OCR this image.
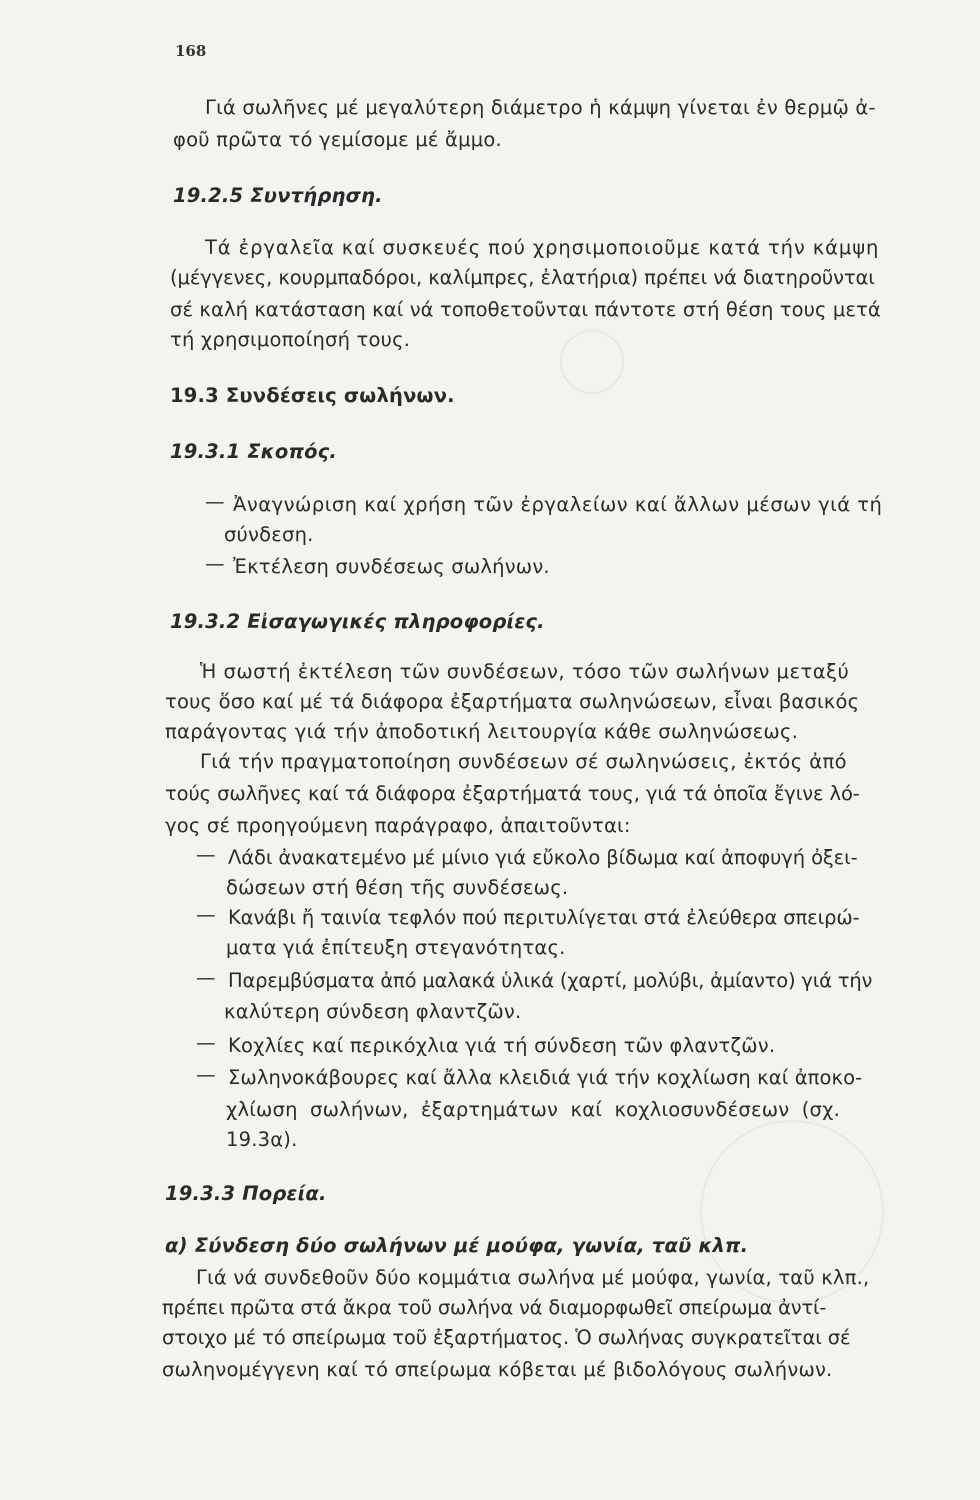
168
Γιά σωλῆνες μέ μεγαλύτερη διάμετρο ἡ κάμψη γίνεται ἐν θερμῷ ἀ-
φοῦ πρῶτα τό γεμίσομε μέ ἄμμο.
19.2.5 Συντήρηση.
Τά ἐργαλεῖα καί συσκευές πού χρησιμοποιοῦμε κατά τήν κάμψη
(μέγγενες, κουρμπαδόροι, καλίμπρες, ἐλατήρια) πρέπει νά διατηροῦνται
σέ καλή κατάσταση καί νά τοποθετοῦνται πάντοτε στή θέση τους μετά
τή χρησιμοποίησή τους.
19.3 Συνδέσεις σωλήνων.
19.3.1 Σκοπός.
— Ἀναγνώριση καί χρήση τῶν ἐργαλείων καί ἄλλων μέσων γιά τή
σύνδεση.
— Ἐκτέλεση συνδέσεως σωλήνων.
19.3.2 Εἰσαγωγικές πληροφορίες.
Ἡ σωστή ἐκτέλεση τῶν συνδέσεων, τόσο τῶν σωλήνων μεταξύ
τους ὅσο καί μέ τά διάφορα ἐξαρτήματα σωληνώσεων, εἶναι βασικός
παράγοντας γιά τήν ἀποδοτική λειτουργία κάθε σωληνώσεως.
Γιά τήν πραγματοποίηση συνδέσεων σέ σωληνώσεις, ἐκτός ἀπό
τούς σωλῆνες καί τά διάφορα ἐξαρτήματά τους, γιά τά ὁποῖα ἔγινε λό-
γος σέ προηγούμενη παράγραφο, ἀπαιτοῦνται:
— Λάδι ἀνακατεμένο μέ μίνιο γιά εὔκολο βίδωμα καί ἀποφυγή ὀξει-
δώσεων στή θέση τῆς συνδέσεως.
— Κανάβι ἤ ταινία τεφλόν πού περιτυλίγεται στά ἐλεύθερα σπειρώ-
ματα γιά ἐπίτευξη στεγανότητας.
— Παρεμβύσματα ἀπό μαλακά ὑλικά (χαρτί, μολύβι, ἀμίαντο) γιά τήν
καλύτερη σύνδεση φλαντζῶν.
— Κοχλίες καί περικόχλια γιά τή σύνδεση τῶν φλαντζῶν.
— Σωληνοκάβουρες καί ἄλλα κλειδιά γιά τήν κοχλίωση καί ἀποκο-
χλίωση σωλήνων, ἐξαρτημάτων καί κοχλιοσυνδέσεων (σχ.
19.3α).
19.3.3 Πορεία.
α) Σύνδεση δύο σωλήνων μέ μούφα, γωνία, ταῦ κλπ.
Γιά νά συνδεθοῦν δύο κομμάτια σωλήνα μέ μούφα, γωνία, ταῦ κλπ.,
πρέπει πρῶτα στά ἄκρα τοῦ σωλήνα νά διαμορφωθεῖ σπείρωμα ἀντί-
στοιχο μέ τό σπείρωμα τοῦ ἐξαρτήματος. Ὁ σωλήνας συγκρατεῖται σέ
σωληνομέγγενη καί τό σπείρωμα κόβεται μέ βιδολόγους σωλήνων.
